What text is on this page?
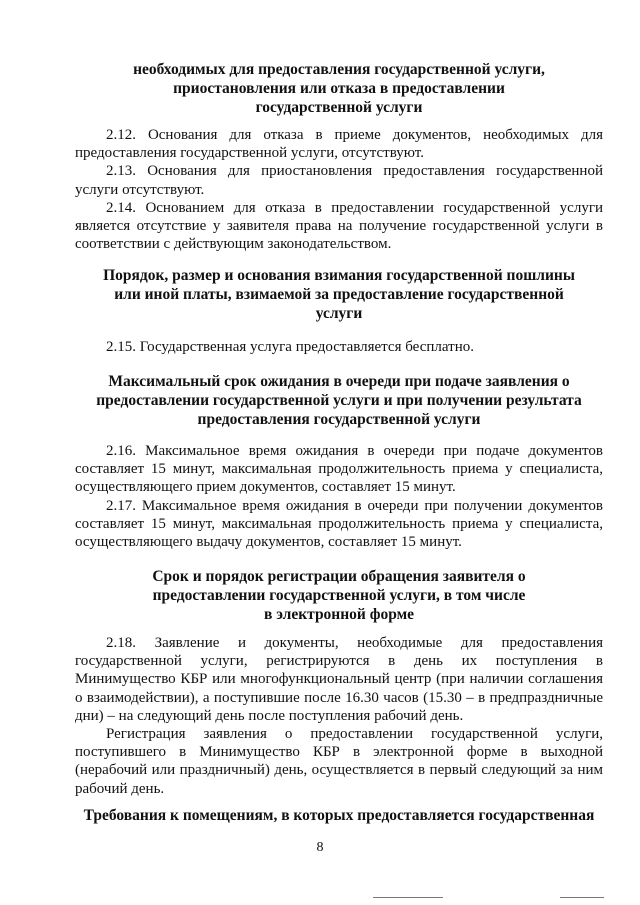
необходимых для предоставления государственной услуги,
приостановления или отказа в предоставлении
государственной услуги

2.12. Основания для отказа в приеме документов, необходимых для предоставления государственной услуги, отсутствуют.

2.13. Основания для приостановления предоставления государственной услуги отсутствуют.

2.14. Основанием для отказа в предоставлении государственной услуги является отсутствие у заявителя права на получение государственной услуги в соответствии с действующим законодательством.

Порядок, размер и основания взимания государственной пошлины
или иной платы, взимаемой за предоставление государственной
услуги

2.15. Государственная услуга предоставляется бесплатно.

Максимальный срок ожидания в очереди при подаче заявления о
предоставлении государственной услуги и при получении результата
предоставления государственной услуги

2.16. Максимальное время ожидания в очереди при подаче документов составляет 15 минут, максимальная продолжительность приема у специалиста, осуществляющего прием документов, составляет 15 минут.

2.17. Максимальное время ожидания в очереди при получении документов составляет 15 минут, максимальная продолжительность приема у специалиста, осуществляющего выдачу документов, составляет 15 минут.

Срок и порядок регистрации обращения заявителя о
предоставлении государственной услуги, в том числе
в электронной форме

2.18. Заявление и документы, необходимые для предоставления государственной услуги, регистрируются в день их поступления в Минимущество КБР или многофункциональный центр (при наличии соглашения о взаимодействии), а поступившие после 16.30 часов (15.30 – в предпраздничные дни) – на следующий день после поступления рабочий день.

Регистрация заявления о предоставлении государственной услуги, поступившего в Минимущество КБР в электронной форме в выходной (нерабочий или праздничный) день, осуществляется в первый следующий за ним рабочий день.

Требования к помещениям, в которых предоставляется государственная
8
